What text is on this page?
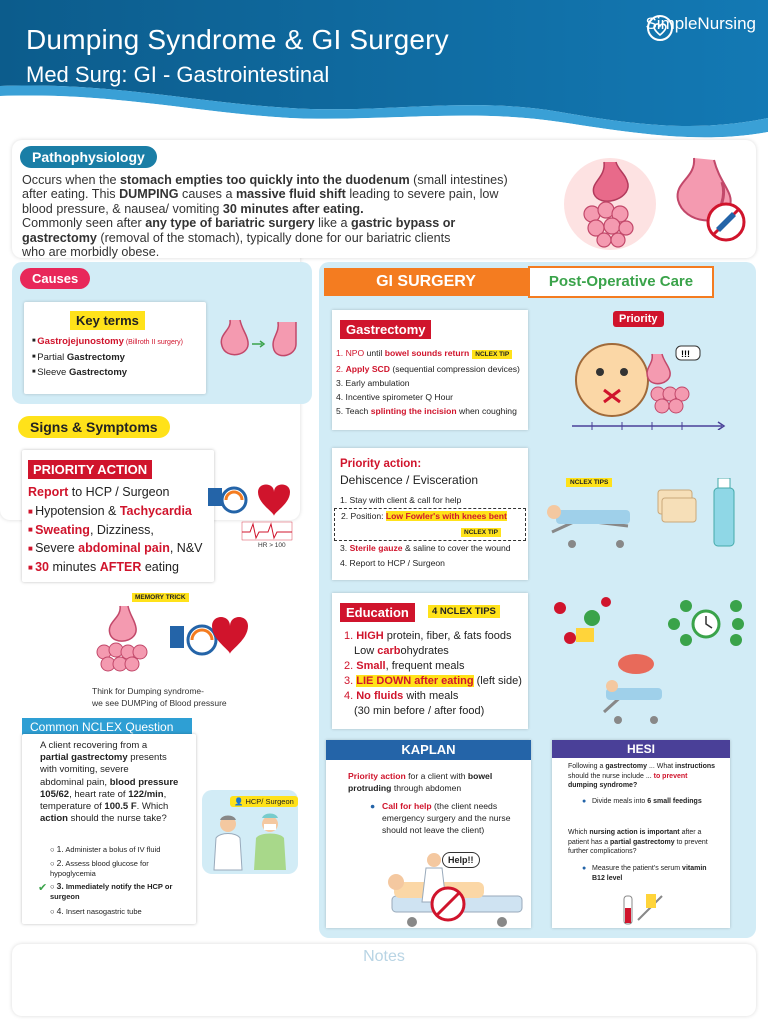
Dumping Syndrome & GI Surgery
Med Surg: GI - Gastrointestinal
SimpleNursing
Pathophysiology
Occurs when the stomach empties too quickly into the duodenum (small intestines)
after eating. This DUMPING causes a massive fluid shift leading to severe pain, low
blood pressure, & nausea/ vomiting 30 minutes after eating.
Commonly seen after any type of bariatric surgery like a gastric bypass or
gastrectomy (removal of the stomach), typically done for our bariatric clients
who are morbidly obese.
Causes
Key terms
■ Gastrojejunostomy (Billroth II surgery)
■ Partial Gastrectomy
■ Sleeve Gastrectomy
Signs & Symptoms
PRIORITY ACTION
Report to HCP / Surgeon
■ Hypotension & Tachycardia
■ Sweating, Dizziness,
■ Severe abdominal pain, N&V
■ 30 minutes AFTER eating
HR > 100
MEMORY TRICK
Think for Dumping syndrome-
we see DUMPing of Blood pressure
Common NCLEX Question
A client recovering from a
partial gastrectomy presents
with vomiting, severe
abdominal pain, blood pressure
105/62, heart rate of 122/min,
temperature of 100.5 F. Which
action should the nurse take?
○ 1. Administer a bolus of IV fluid
○ 2. Assess blood glucose for hypoglycemia
✔ ○ 3. Immediately notify the HCP or surgeon
○ 4. Insert nasogastric tube
👤 HCP/ Surgeon
GI SURGERY	Post-Operative Care
Gastrectomy
1. NPO until bowel sounds return NCLEX TIP
2. Apply SCD (sequential compression devices)
3. Early ambulation
4. Incentive spirometer Q Hour
5. Teach splinting the incision when coughing
Priority
!!!
Priority action:
Dehiscence / Evisceration
1. Stay with client & call for help
2. Position: Low Fowler's with knees bent
NCLEX TIP
3. Sterile gauze & saline to cover the wound
4. Report to HCP / Surgeon
NCLEX TIPS
Education	4 NCLEX TIPS
1. HIGH protein, fiber, & fats foods
Low carbohydrates
2. Small, frequent meals
3. LIE DOWN after eating (left side)
4. No fluids with meals
(30 min before / after food)
KAPLAN
Priority action for a client with bowel
protruding through abdomen
● Call for help (the client needs
emergency surgery and the nurse
should not leave the client)
Help!!
HESI
Following a gastrectomy ... What instructions
should the nurse include ... to prevent
dumping syndrome?
● Divide meals into 6 small feedings
Which nursing action is important after a
patient has a partial gastrectomy to prevent
further complications?
● Measure the patient's serum vitamin
B12 level
Notes
